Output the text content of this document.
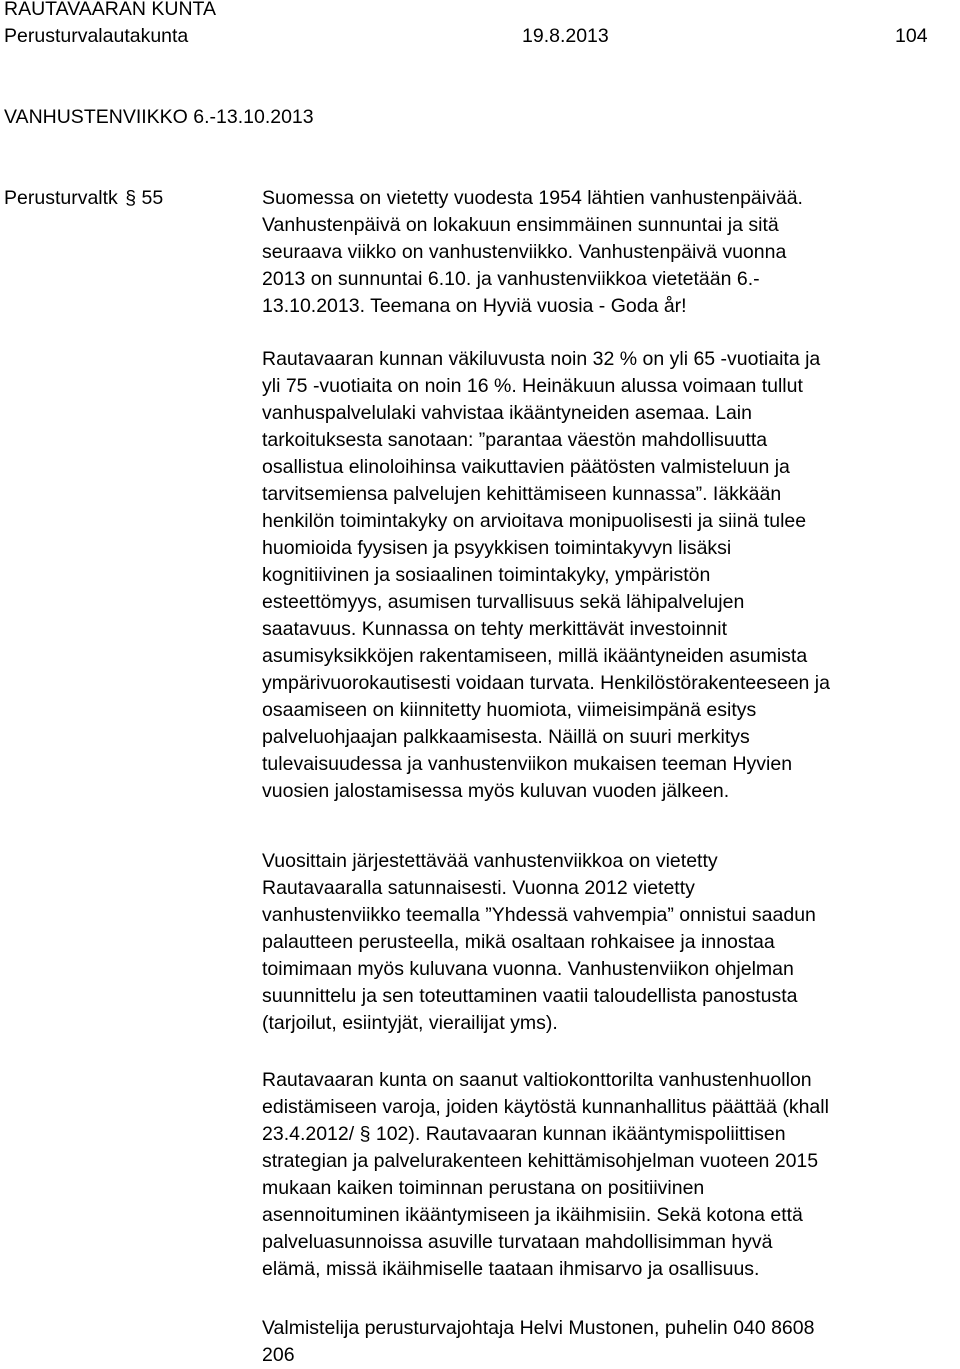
RAUTAVAARAN KUNTA
Perusturvalautakunta	19.8.2013	104
VANHUSTENVIIKKO 6.-13.10.2013
Perusturvaltk § 55	Suomessa on vietetty vuodesta 1954 lähtien vanhustenpäivää.
Vanhustenpäivä on lokakuun ensimmäinen sunnuntai ja sitä
seuraava viikko on vanhustenviikko. Vanhustenpäivä vuonna
2013 on sunnuntai 6.10. ja vanhustenviikkoa vietetään 6.-
13.10.2013. Teemana on Hyviä vuosia - Goda år!
Rautavaaran kunnan väkiluvusta noin 32 % on yli 65 -vuotiaita ja
yli 75 -vuotiaita on noin 16 %. Heinäkuun alussa voimaan tullut
vanhuspalvelulaki vahvistaa ikääntyneiden asemaa. Lain
tarkoituksesta sanotaan: ”parantaa väestön mahdollisuutta
osallistua elinoloihinsa vaikuttavien päätösten valmisteluun ja
tarvitsemiensa palvelujen kehittämiseen kunnassa”. Iäkkään
henkilön toimintakyky on arvioitava monipuolisesti ja siinä tulee
huomioida fyysisen ja psyykkisen toimintakyvyn lisäksi
kognitiivinen ja sosiaalinen toimintakyky, ympäristön
esteettömyys, asumisen turvallisuus sekä lähipalvelujen
saatavuus. Kunnassa on tehty merkittävät investoinnit
asumisyksikköjen rakentamiseen, millä ikääntyneiden asumista
ympärivuorokautisesti voidaan turvata. Henkilöstörakenteeseen ja
osaamiseen on kiinnitetty huomiota, viimeisimpänä esitys
palveluohjaajan palkkaamisesta. Näillä on suuri merkitys
tulevaisuudessa ja vanhustenviikon mukaisen teeman Hyvien
vuosien jalostamisessa myös kuluvan vuoden jälkeen.
Vuosittain järjestettävää vanhustenviikkoa on vietetty
Rautavaaralla satunnaisesti. Vuonna 2012 vietetty
vanhustenviikko teemalla ”Yhdessä vahvempia” onnistui saadun
palautteen perusteella, mikä osaltaan rohkaisee ja innostaa
toimimaan myös kuluvana vuonna. Vanhustenviikon ohjelman
suunnittelu ja sen toteuttaminen vaatii taloudellista panostusta
(tarjoilut, esiintyjät, vierailijat yms).
Rautavaaran kunta on saanut valtiokonttorilta vanhustenhuollon
edistämiseen varoja, joiden käytöstä kunnanhallitus päättää (khall
23.4.2012/ § 102). Rautavaaran kunnan ikääntymispoliittisen
strategian ja palvelurakenteen kehittämisohjelman vuoteen 2015
mukaan kaiken toiminnan perustana on positiivinen
asennoituminen ikääntymiseen ja ikäihmisiin. Sekä kotona että
palveluasunnoissa asuville turvataan mahdollisimman hyvä
elämä, missä ikäihmiselle taataan ihmisarvo ja osallisuus.
Valmistelija perusturvajohtaja Helvi Mustonen, puhelin 040 8608
206
